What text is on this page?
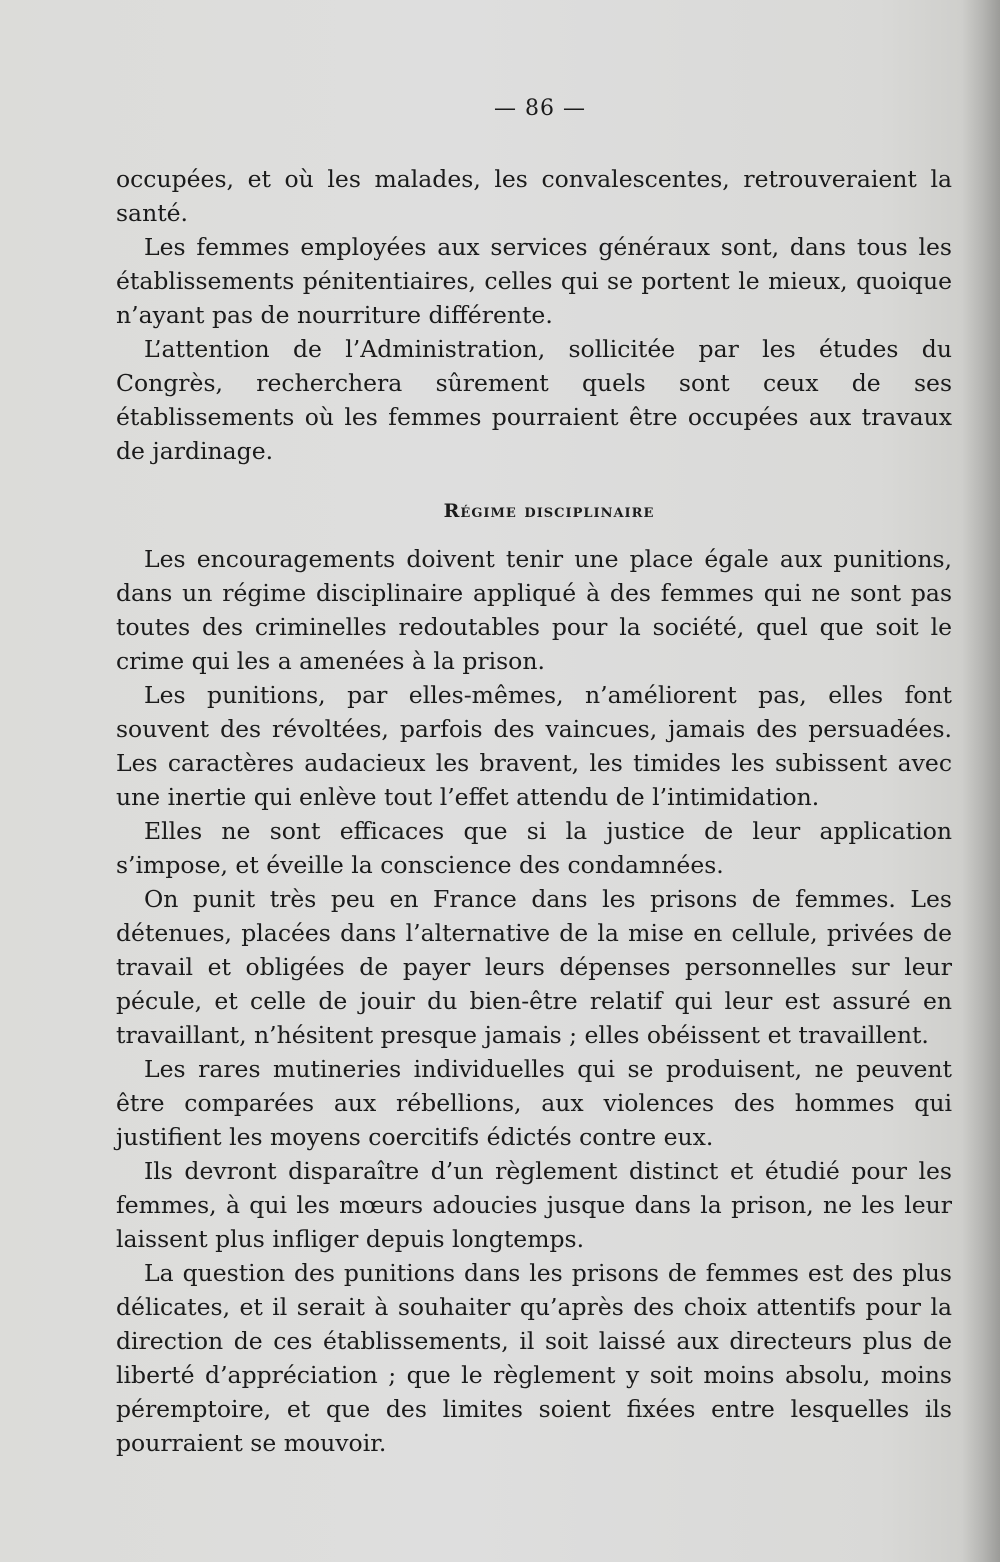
— 86 —

occupées, et où les malades, les convalescentes, retrouveraient la santé.

Les femmes employées aux services généraux sont, dans tous les établissements pénitentiaires, celles qui se portent le mieux, quoique n’ayant pas de nourriture différente.

L’attention de l’Administration, sollicitée par les études du Congrès, recherchera sûrement quels sont ceux de ses établissements où les femmes pourraient être occupées aux travaux de jardinage.

Régime disciplinaire

Les encouragements doivent tenir une place égale aux punitions, dans un régime disciplinaire appliqué à des femmes qui ne sont pas toutes des criminelles redoutables pour la société, quel que soit le crime qui les a amenées à la prison.

Les punitions, par elles-mêmes, n’améliorent pas, elles font souvent des révoltées, parfois des vaincues, jamais des persuadées. Les caractères audacieux les bravent, les timides les subissent avec une inertie qui enlève tout l’effet attendu de l’intimidation.

Elles ne sont efficaces que si la justice de leur application s’impose, et éveille la conscience des condamnées.

On punit très peu en France dans les prisons de femmes. Les détenues, placées dans l’alternative de la mise en cellule, privées de travail et obligées de payer leurs dépenses personnelles sur leur pécule, et celle de jouir du bien-être relatif qui leur est assuré en travaillant, n’hésitent presque jamais ; elles obéissent et travaillent.

Les rares mutineries individuelles qui se produisent, ne peuvent être comparées aux rébellions, aux violences des hommes qui justifient les moyens coercitifs édictés contre eux.

Ils devront disparaître d’un règlement distinct et étudié pour les femmes, à qui les mœurs adoucies jusque dans la prison, ne les leur laissent plus infliger depuis longtemps.

La question des punitions dans les prisons de femmes est des plus délicates, et il serait à souhaiter qu’après des choix attentifs pour la direction de ces établissements, il soit laissé aux directeurs plus de liberté d’appréciation ; que le règlement y soit moins absolu, moins péremptoire, et que des limites soient fixées entre lesquelles ils pourraient se mouvoir.
